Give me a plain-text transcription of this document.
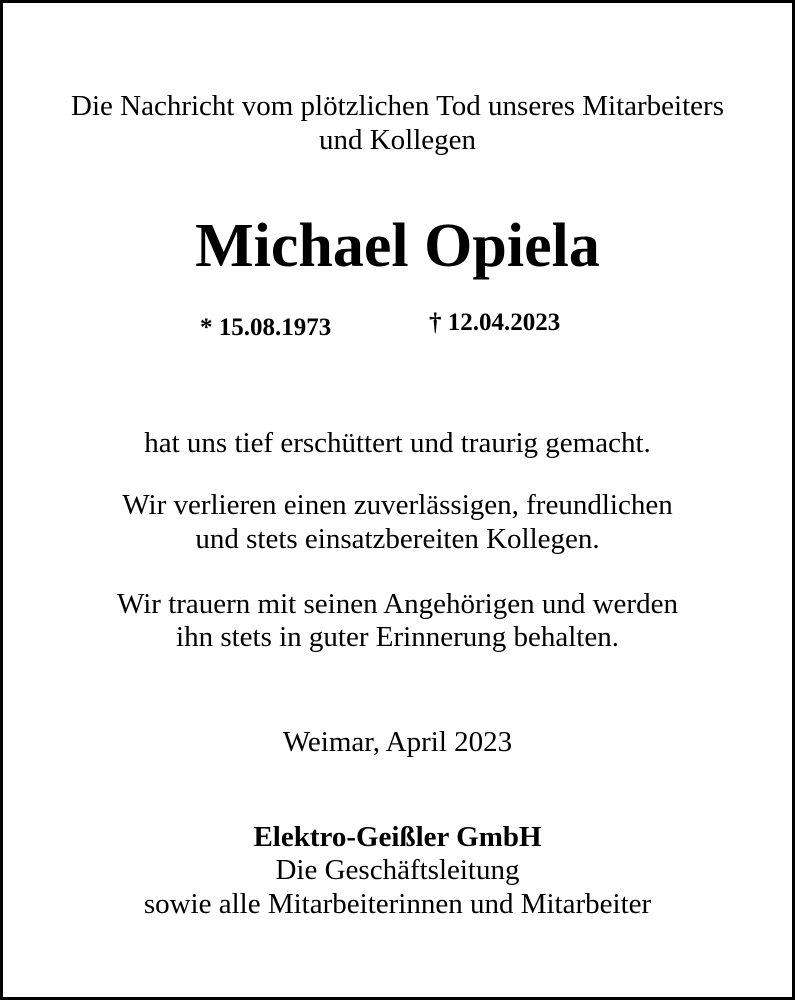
Die Nachricht vom plötzlichen Tod unseres Mitarbeiters
und Kollegen
Michael Opiela
* 15.08.1973	† 12.04.2023
hat uns tief erschüttert und traurig gemacht.
Wir verlieren einen zuverlässigen, freundlichen
und stets einsatzbereiten Kollegen.
Wir trauern mit seinen Angehörigen und werden
ihn stets in guter Erinnerung behalten.
Weimar, April 2023
Elektro-Geißler GmbH
Die Geschäftsleitung
sowie alle Mitarbeiterinnen und Mitarbeiter
